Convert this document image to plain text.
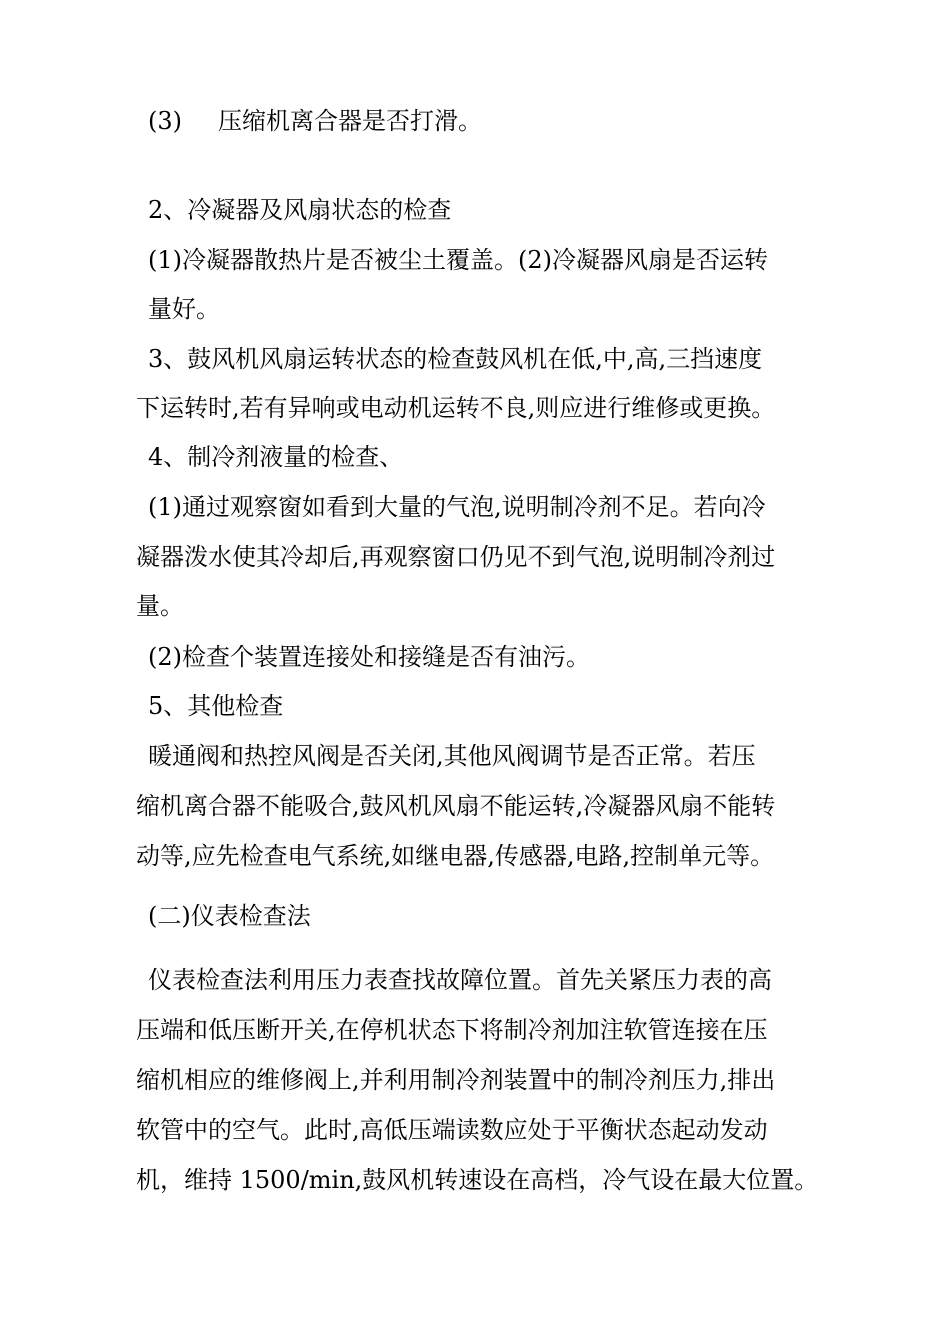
(3) 压缩机离合器是否打滑。
2、冷凝器及风扇状态的检查
(1)冷凝器散热片是否被尘土覆盖。(2)冷凝器风扇是否运转
量好。
3、鼓风机风扇运转状态的检查鼓风机在低,中,高,三挡速度
下运转时,若有异响或电动机运转不良,则应进行维修或更换。
4、制冷剂液量的检查、
(1)通过观察窗如看到大量的气泡,说明制冷剂不足。若向冷
凝器泼水使其冷却后,再观察窗口仍见不到气泡,说明制冷剂过
量。
(2)检查个装置连接处和接缝是否有油污。
5、其他检查
暖通阀和热控风阀是否关闭,其他风阀调节是否正常。若压
缩机离合器不能吸合,鼓风机风扇不能运转,冷凝器风扇不能转
动等,应先检查电气系统,如继电器,传感器,电路,控制单元等。
(二)仪表检查法
仪表检查法利用压力表查找故障位置。首先关紧压力表的高
压端和低压断开关,在停机状态下将制冷剂加注软管连接在压
缩机相应的维修阀上,并利用制冷剂装置中的制冷剂压力,排出
软管中的空气。此时,高低压端读数应处于平衡状态起动发动
机，维持 1500/min,鼓风机转速设在高档，冷气设在最大位置。
